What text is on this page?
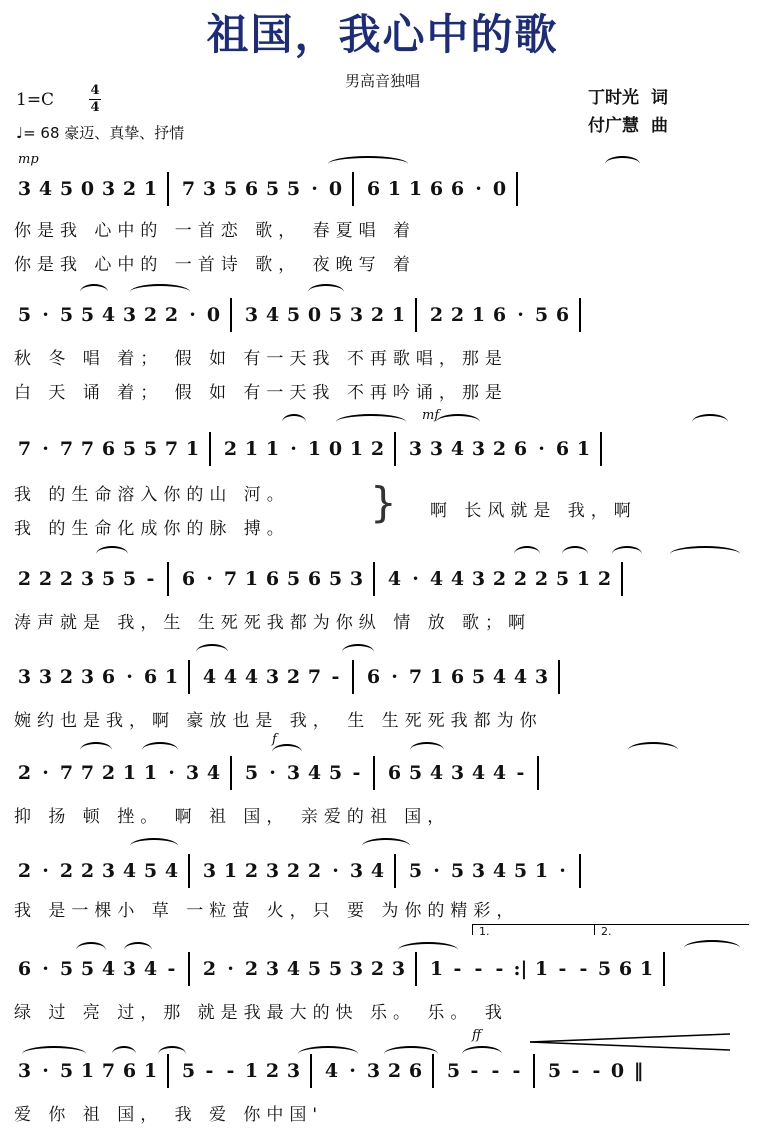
祖国，我心中的歌
男高音独唱
1=C	4
4
♩= 68 豪迈、真挚、抒情
丁时光 词
付广慧 曲
mp
3 4 5 0 3 2 1 7 3 5 6 5 5 · 0 6 1 1 6 6 · 0
你是我 心中的 一首恋 歌， 春夏唱 着
你是我 心中的 一首诗 歌， 夜晚写 着
5 · 5 5 4 3 2 2 · 0 3 4 5 0 5 3 2 1 2 2 1 6 · 5 6
秋 冬 唱 着； 假 如 有一天我 不再歌唱，那是
白 天 诵 着； 假 如 有一天我 不再吟诵，那是
mf
7 · 7 7 6 5 5 7 1 2 1 1 · 1 0 1 2 3 3 4 3 2 6 · 6 1
我 的生命溶入你的山 河。
我 的生命化成你的脉 搏。
} 啊 长风就是 我，啊
2 2 2 3 5 5 -	6 · 7 1 6 5 6 5 3 4 · 4 4 3 2 2 2 5 1 2
涛声就是 我，生 生死死我都为你纵 情 放 歌；啊
3 3 2 3 6 · 6 1 4 4 4 3 2 7 -	6 · 7 1 6 5 4 4 3
婉约也是我，啊 豪放也是 我， 生 生死死我都为你
f
2 · 7 7 2 1 1 · 3 4 5 · 3 4 5 -	6 5 4 3 4 4 -
抑 扬 顿 挫。 啊 祖 国， 亲爱的祖 国，
2 · 2 2 3 4 5 4 3 1 2 3 2 2 · 3 4 5 · 5 3 4 5 1 ·
我 是一棵小 草 一粒萤 火，只 要 为你的精彩，
1.	2.
6 · 5 5 4 3 4 -	2 · 2 3 4 5 5 3 2 3 1 - - - :| 1 - - 5 6 1
绿 过 亮 过，那 就是我最大的快 乐。 乐。 我
ff
3 · 5 1 7 6 1 5 - - 1 2 3 4 · 3 2 6 5 - - -	5 - - 0 ‖
爱 你 祖 国， 我 爱 你中国'
